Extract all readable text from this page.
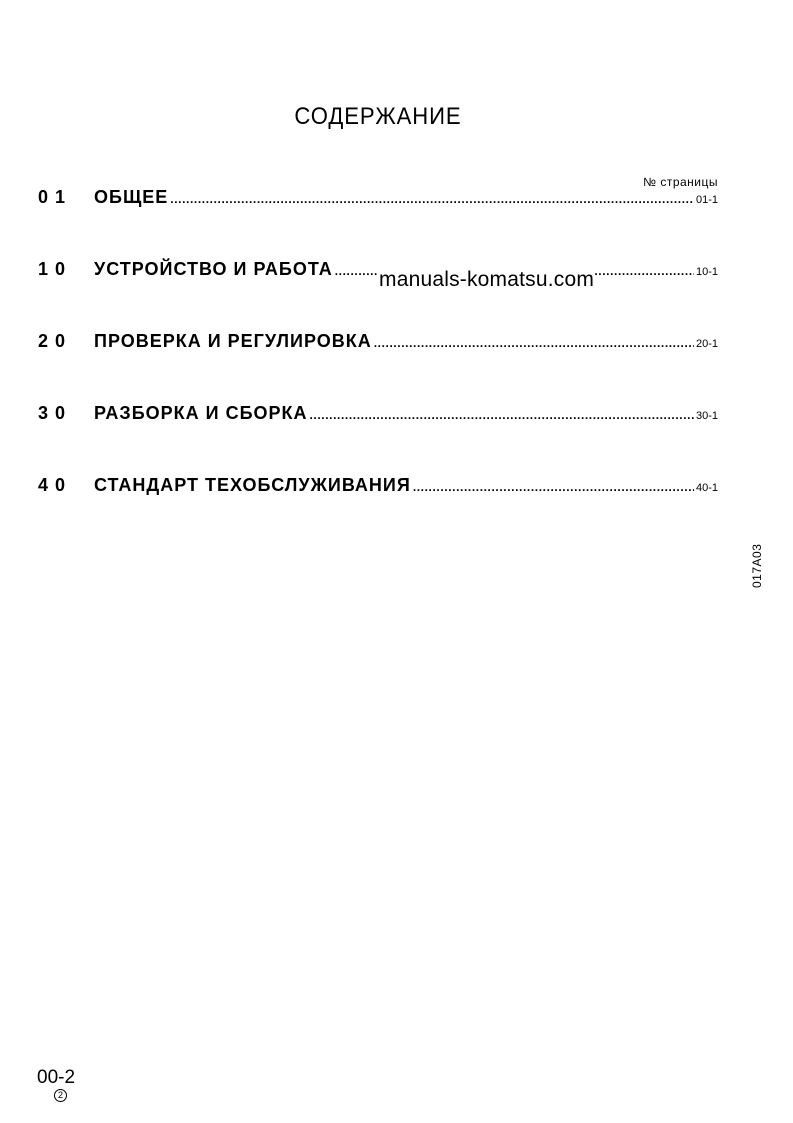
СОДЕРЖАНИЕ
№ страницы
01	ОБЩЕЕ .....	01-1
10	УСТРОЙСТВО И РАБОТА .....	10-1
20	ПРОВЕРКА И РЕГУЛИРОВКА .....	20-1
30	РАЗБОРКА И СБОРКА .....	30-1
40	СТАНДАРТ ТЕХОБСЛУЖИВАНИЯ .....	40-1
manuals-komatsu.com
017A03
00-2
2
